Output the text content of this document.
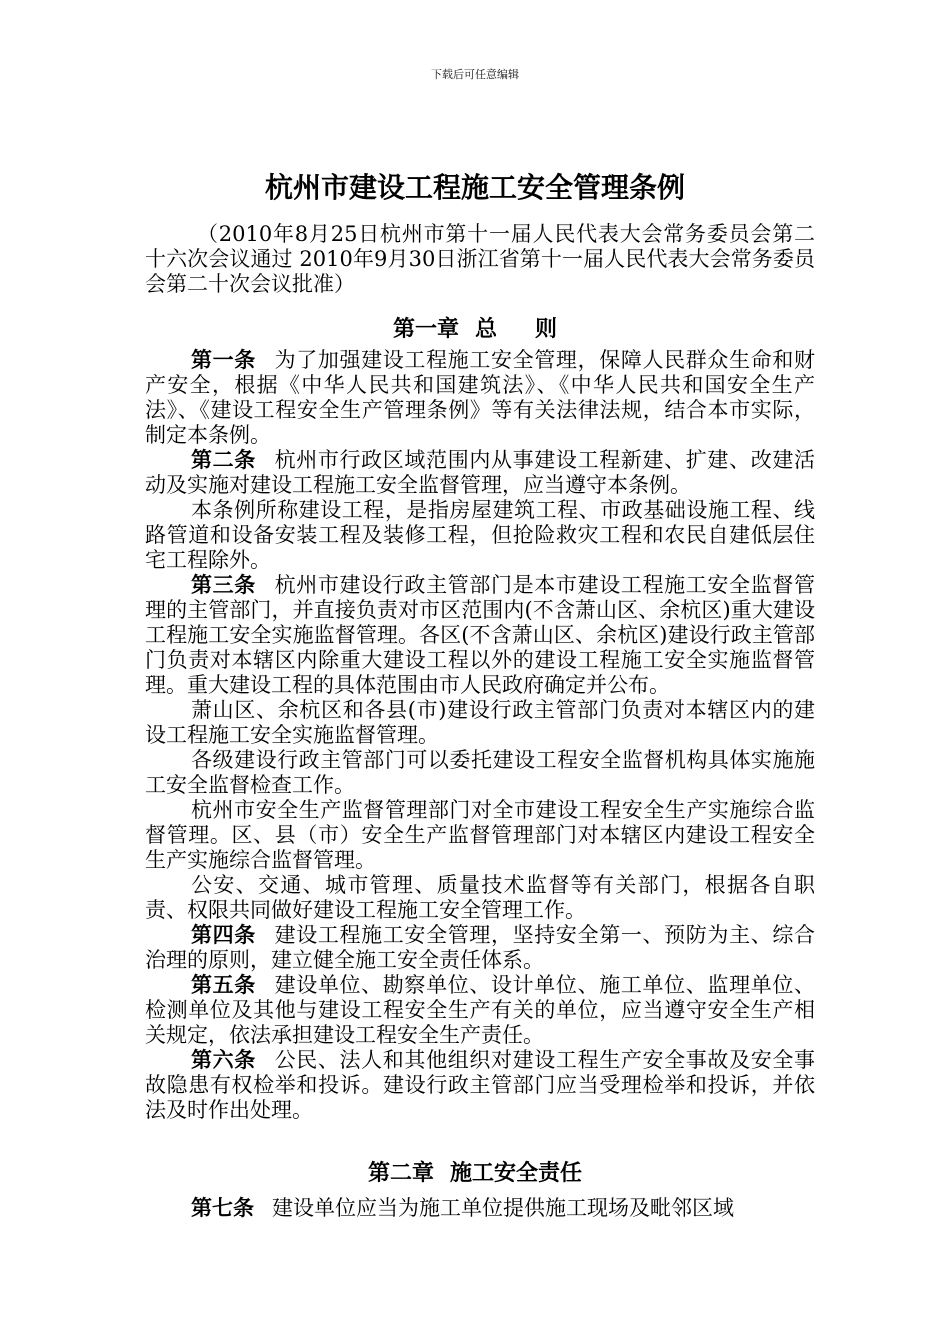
下载后可任意编辑
杭州市建设工程施工安全管理条例
（2010年8月25日杭州市第十一届人民代表大会常务委员会第二十六次会议通过 2010年9月30日浙江省第十一届人民代表大会常务委员会第二十次会议批准）
第一章 总 则

第一条 为了加强建设工程施工安全管理，保障人民群众生命和财产安全，根据《中华人民共和国建筑法》、《中华人民共和国安全生产法》、《建设工程安全生产管理条例》等有关法律法规，结合本市实际，制定本条例。

第二条 杭州市行政区域范围内从事建设工程新建、扩建、改建活动及实施对建设工程施工安全监督管理，应当遵守本条例。

本条例所称建设工程，是指房屋建筑工程、市政基础设施工程、线路管道和设备安装工程及装修工程，但抢险救灾工程和农民自建低层住宅工程除外。

第三条 杭州市建设行政主管部门是本市建设工程施工安全监督管理的主管部门，并直接负责对市区范围内(不含萧山区、余杭区)重大建设工程施工安全实施监督管理。各区(不含萧山区、余杭区)建设行政主管部门负责对本辖区内除重大建设工程以外的建设工程施工安全实施监督管理。重大建设工程的具体范围由市人民政府确定并公布。

萧山区、余杭区和各县(市)建设行政主管部门负责对本辖区内的建设工程施工安全实施监督管理。

各级建设行政主管部门可以委托建设工程安全监督机构具体实施施工安全监督检查工作。

杭州市安全生产监督管理部门对全市建设工程安全生产实施综合监督管理。区、县（市）安全生产监督管理部门对本辖区内建设工程安全生产实施综合监督管理。

公安、交通、城市管理、质量技术监督等有关部门，根据各自职责、权限共同做好建设工程施工安全管理工作。

第四条 建设工程施工安全管理，坚持安全第一、预防为主、综合治理的原则，建立健全施工安全责任体系。

第五条 建设单位、勘察单位、设计单位、施工单位、监理单位、检测单位及其他与建设工程安全生产有关的单位，应当遵守安全生产相关规定，依法承担建设工程安全生产责任。

第六条 公民、法人和其他组织对建设工程生产安全事故及安全事故隐患有权检举和投诉。建设行政主管部门应当受理检举和投诉，并依法及时作出处理。

第二章 施工安全责任

第七条 建设单位应当为施工单位提供施工现场及毗邻区域
